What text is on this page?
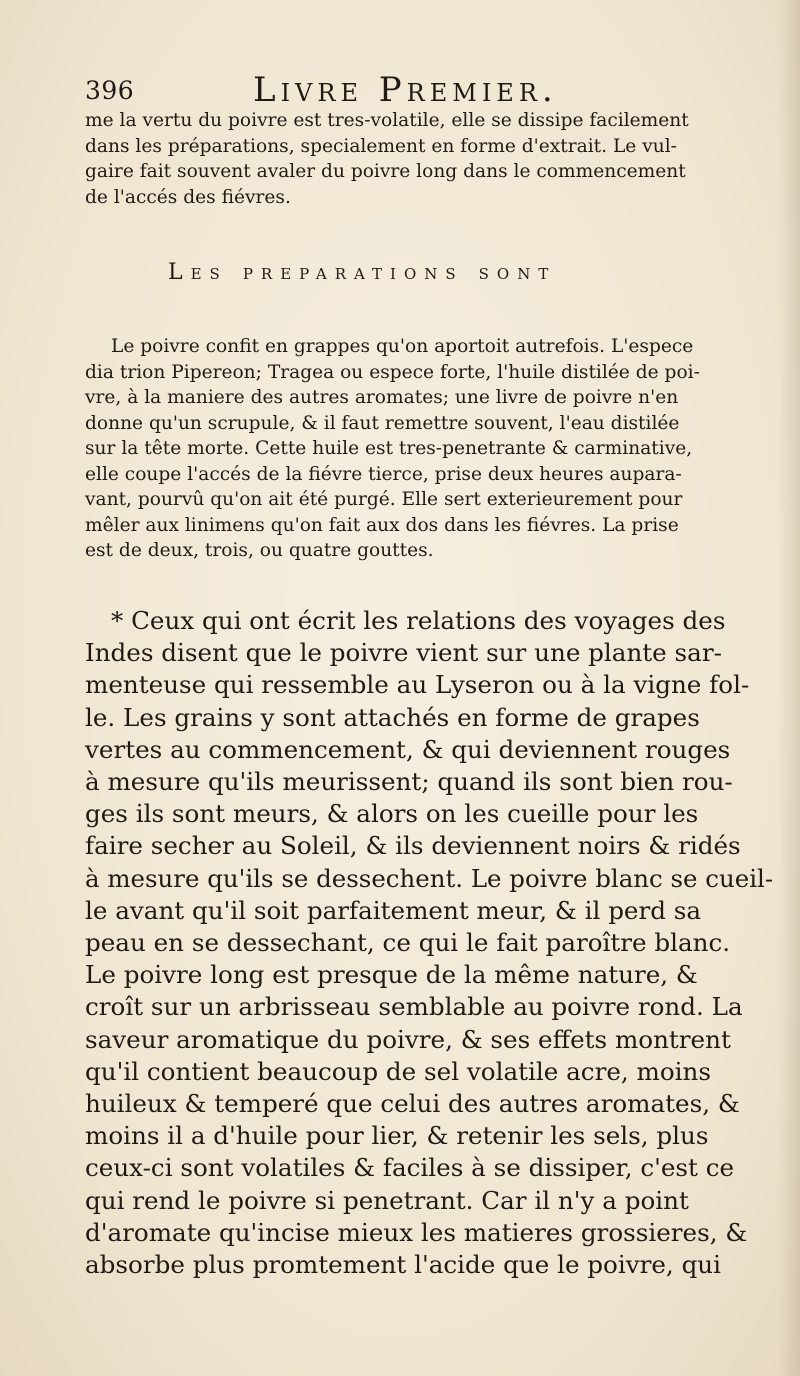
396	Livre Premier.
me la vertu du poivre est tres-volatile, elle se dissipe facilement
dans les préparations, specialement en forme d'extrait. Le vul-
gaire fait souvent avaler du poivre long dans le commencement
de l'accés des fiévres.
Les preparations sont
Le poivre confit en grappes qu'on aportoit autrefois. L'espece
dia trion Pipereon; Tragea ou espece forte, l'huile distilée de poi-
vre, à la maniere des autres aromates; une livre de poivre n'en
donne qu'un scrupule, & il faut remettre souvent, l'eau distilée
sur la tête morte. Cette huile est tres-penetrante & carminative,
elle coupe l'accés de la fiévre tierce, prise deux heures aupara-
vant, pourvû qu'on ait été purgé. Elle sert exterieurement pour
mêler aux linimens qu'on fait aux dos dans les fiévres. La prise
est de deux, trois, ou quatre gouttes.
* Ceux qui ont écrit les relations des voyages des
Indes disent que le poivre vient sur une plante sar-
menteuse qui ressemble au Lyseron ou à la vigne fol-
le. Les grains y sont attachés en forme de grapes
vertes au commencement, & qui deviennent rouges
à mesure qu'ils meurissent; quand ils sont bien rou-
ges ils sont meurs, & alors on les cueille pour les
faire secher au Soleil, & ils deviennent noirs & ridés
à mesure qu'ils se dessechent. Le poivre blanc se cueil-
le avant qu'il soit parfaitement meur, & il perd sa
peau en se dessechant, ce qui le fait paroître blanc.
Le poivre long est presque de la même nature, &
croît sur un arbrisseau semblable au poivre rond. La
saveur aromatique du poivre, & ses effets montrent
qu'il contient beaucoup de sel volatile acre, moins
huileux & temperé que celui des autres aromates, &
moins il a d'huile pour lier, & retenir les sels, plus
ceux-ci sont volatiles & faciles à se dissiper, c'est ce
qui rend le poivre si penetrant. Car il n'y a point
d'aromate qu'incise mieux les matieres grossieres, &
absorbe plus promtement l'acide que le poivre, qui
